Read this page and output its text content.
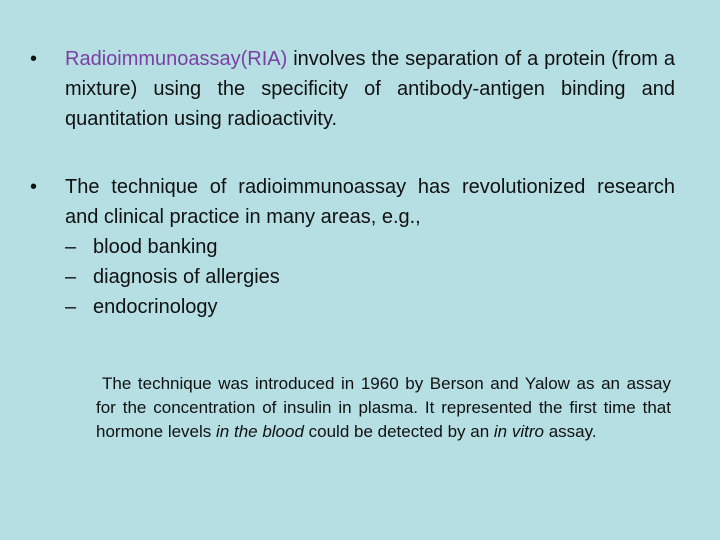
•	Radioimmunoassay(RIA) involves the separation of a protein (from a mixture) using the specificity of antibody-antigen binding and quantitation using radioactivity.
•	The technique of radioimmunoassay has revolutionized research and clinical practice in many areas, e.g.,
– blood banking
– diagnosis of allergies
– endocrinology
The technique was introduced in 1960 by Berson and Yalow as an assay for the concentration of insulin in plasma. It represented the first time that hormone levels in the blood could be detected by an in vitro assay.
